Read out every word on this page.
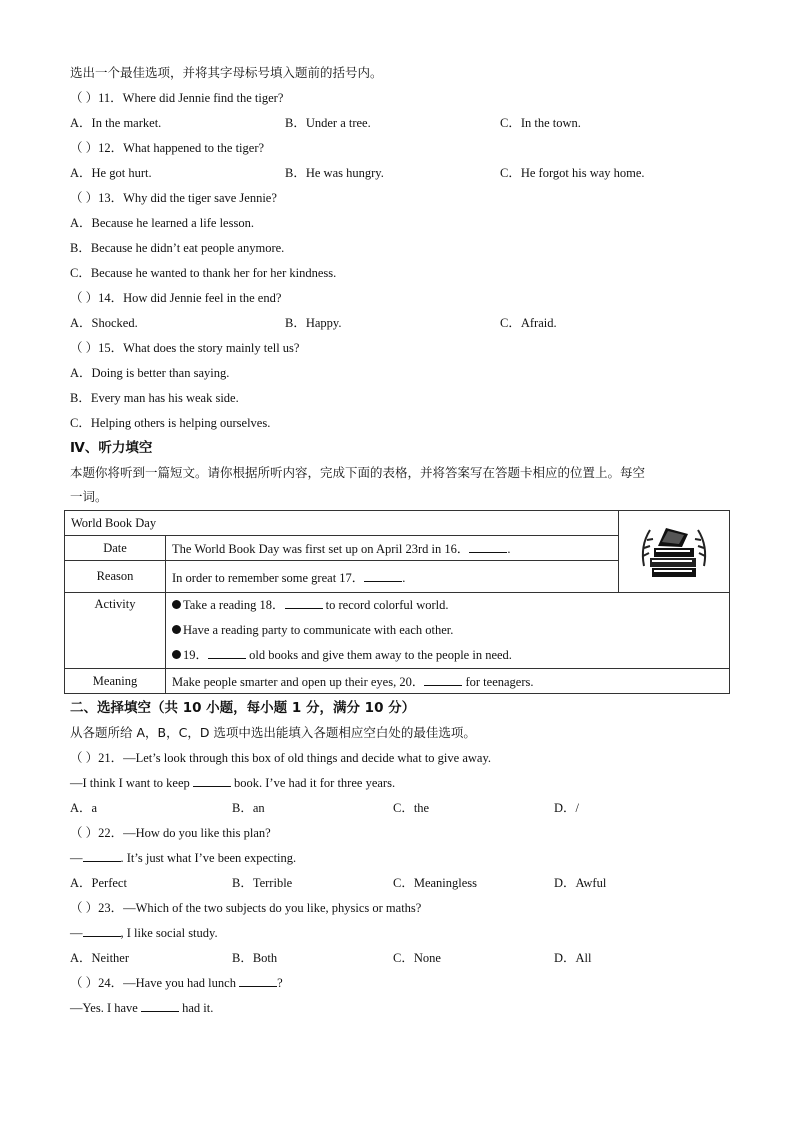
选出一个最佳选项，并将其字母标号填入题前的括号内。
（ ）11．Where did Jennie find the tiger?
A．In the market.	B．Under a tree.	C．In the town.
（ ）12．What happened to the tiger?
A．He got hurt.	B．He was hungry.	C．He forgot his way home.
（ ）13．Why did the tiger save Jennie?
A．Because he learned a life lesson.
B．Because he didn’t eat people anymore.
C．Because he wanted to thank her for her kindness.
（ ）14．How did Jennie feel in the end?
A．Shocked.	B．Happy.	C．Afraid.
（ ）15．What does the story mainly tell us?
A．Doing is better than saying.
B．Every man has his weak side.
C．Helping others is helping ourselves.
Ⅳ、听力填空
本题你将听到一篇短文。请你根据所听内容，完成下面的表格，并将答案写在答题卡相应的位置上。每空
一词。
World Book Day	
Date	The World Book Day was first set up on April 23rd in 16． .	
Reason	In order to remember some great 17． .	
Activity	Take a reading 18． to record colorful world.
Have a reading party to communicate with each other.
19． old books and give them away to the people in need.	

Meaning	Make people smarter and open up their eyes, 20． for teenagers.	
二、选择填空（共 10 小题，每小题 1 分，满分 10 分）
从各题所给 A，B，C，D 选项中选出能填入各题相应空白处的最佳选项。
（ ）21．—Let’s look through this box of old things and decide what to give away.
—I think I want to keep	book. I’ve had it for three years.
A．a	B．an	C．the	D．/
（ ）22．—How do you like this plan?
—	. It’s just what I’ve been expecting.
A．Perfect	B．Terrible	C．Meaningless	D．Awful
（ ）23．—Which of the two subjects do you like, physics or maths?
—	, I like social study.
A．Neither	B．Both	C．None	D．All
（ ）24．—Have you had lunch	?
—Yes. I have	had it.
